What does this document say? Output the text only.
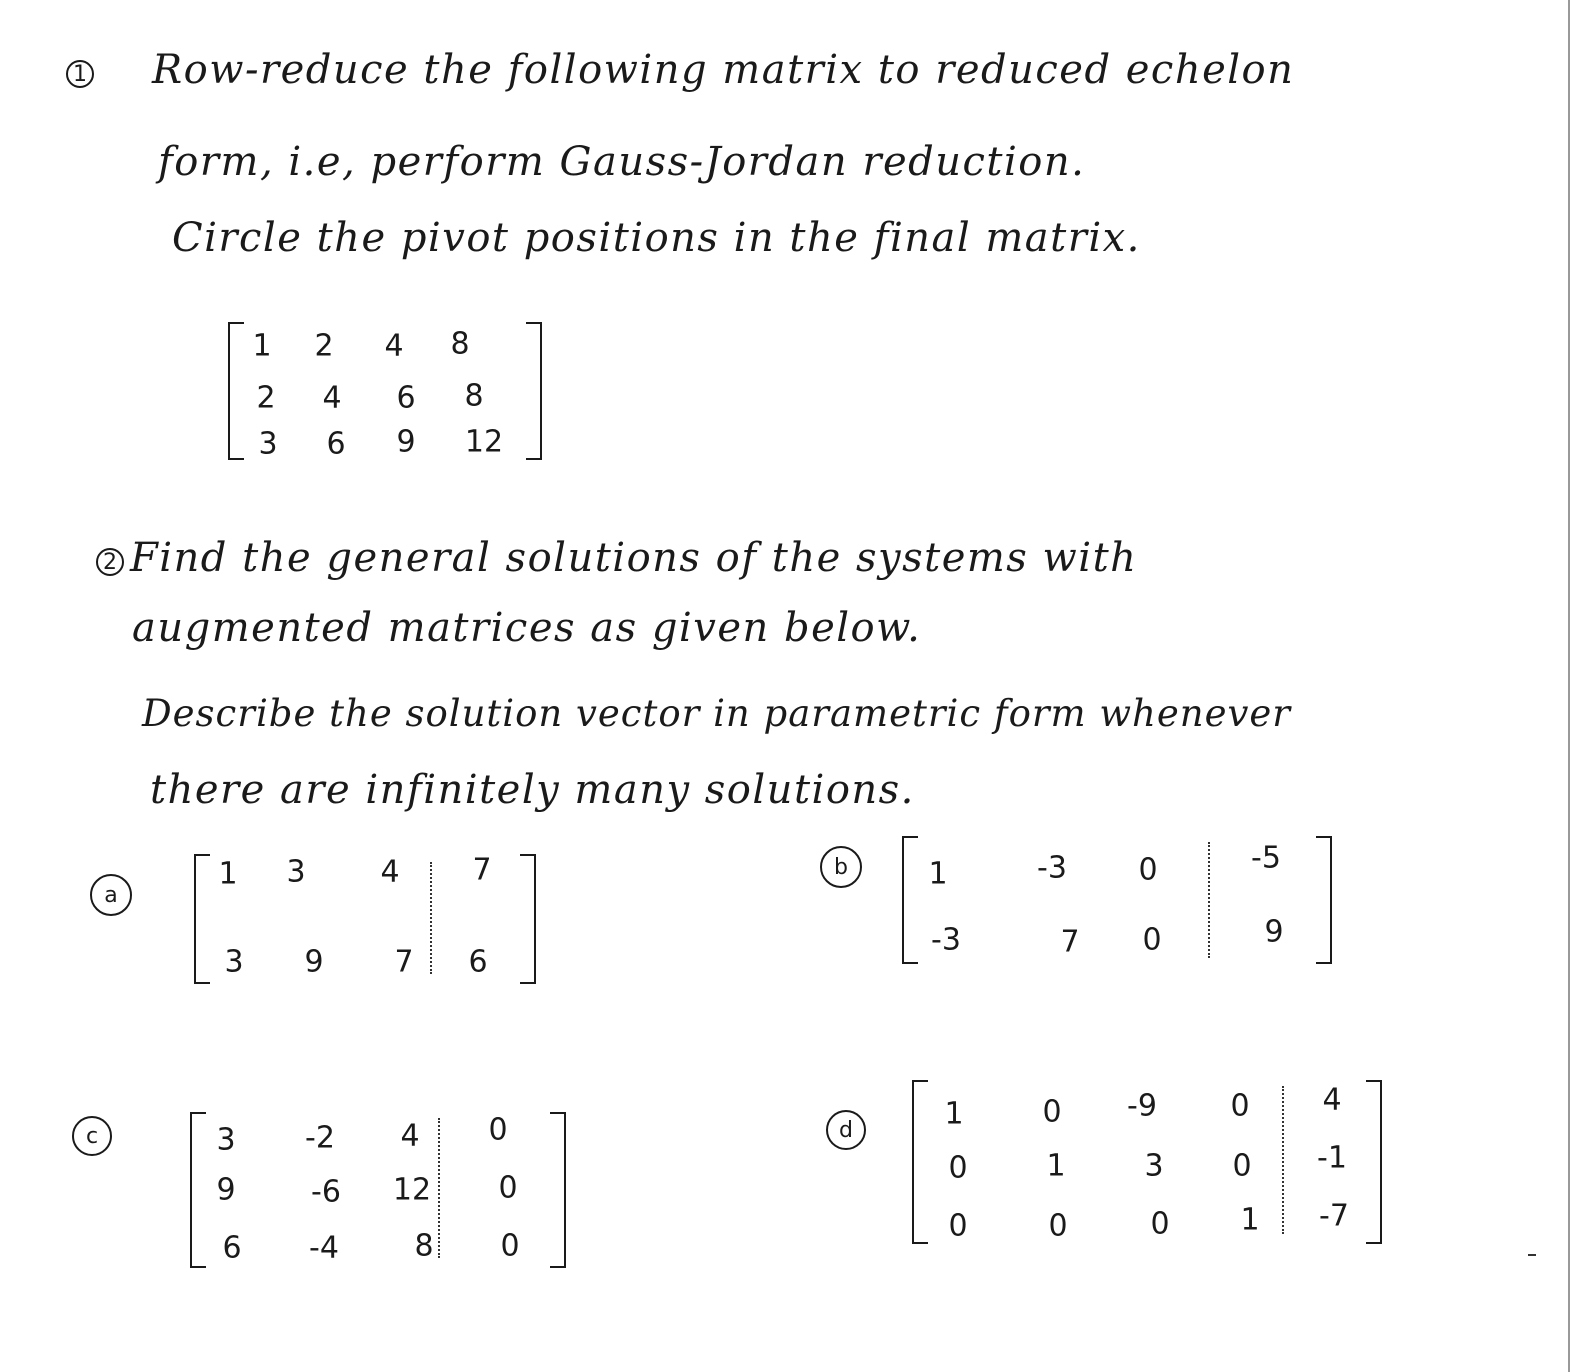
1 Row-reduce the following matrix to reduced echelon
form, i.e, perform Gauss-Jordan reduction.
Circle the pivot positions in the final matrix.
1 2 4 8
2 4 6 8
3 6 9 12
2 Find the general solutions of the systems with
augmented matrices as given below.
Describe the solution vector in parametric form whenever
there are infinitely many solutions.
a
1 3 4 7
3 9 7 6
b	1	-3 0	-5
-3	7 0	9
c	3 -2 4 0
9	-6 12 0
6 -4	8 0
d	1	0 -9 0 4
0	1	3 0 -1
0	0	0 1 -7
